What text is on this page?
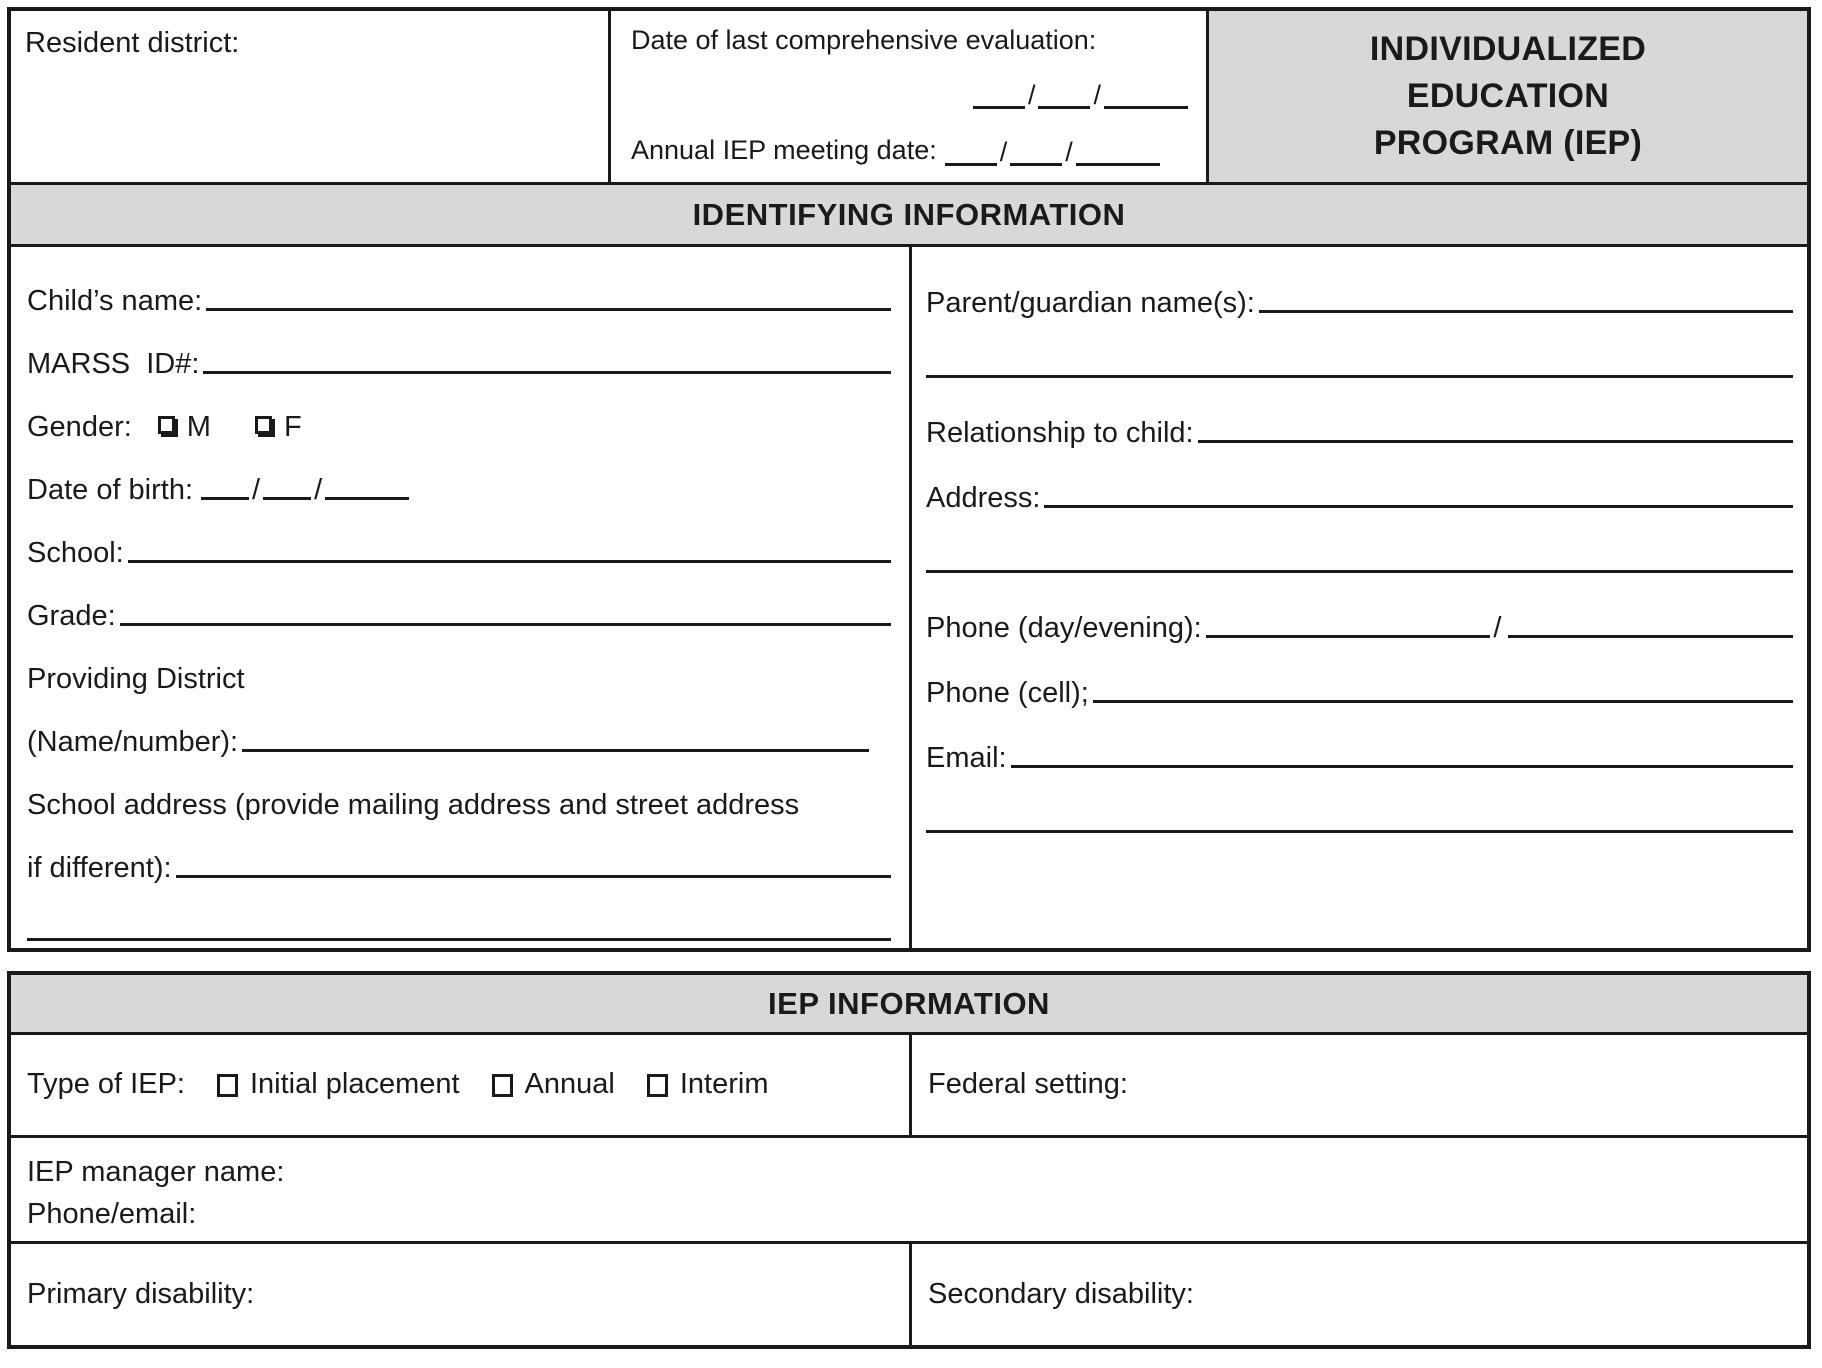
Resident district:	Date of last comprehensive evaluation:
/ /
Annual IEP meeting date: / /
INDIVIDUALIZED
EDUCATION
PROGRAM (IEP)
IDENTIFYING INFORMATION
Child’s name:
MARSS  ID#:
Gender: M	F
Date of birth: / /
School:
Grade:
Providing District
(Name/number):
School address (provide mailing address and street address
if different):
Parent/guardian name(s):
Relationship to child:
Address:
Phone (day/evening):	/
Phone (cell);
Email:
IEP INFORMATION
Type of IEP: Initial placement Annual Interim	Federal setting:
IEP manager name:
Phone/email:
Primary disability:	Secondary disability:
